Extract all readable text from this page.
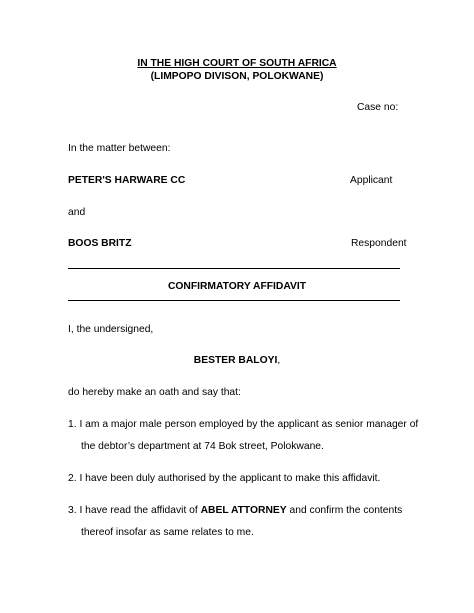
IN THE HIGH COURT OF SOUTH AFRICA
(LIMPOPO DIVISON, POLOKWANE)
Case no:
In the matter between:
PETER'S HARWARE CC	Applicant
and
BOOS BRITZ	Respondent
CONFIRMATORY AFFIDAVIT
I, the undersigned,
BESTER BALOYI,
do hereby make an oath and say that:
1. I am a major male person employed by the applicant as senior manager of
the debtor’s department at 74 Bok street, Polokwane.
2. I have been duly authorised by the applicant to make this affidavit.
3. I have read the affidavit of ABEL ATTORNEY and confirm the contents
thereof insofar as same relates to me.
